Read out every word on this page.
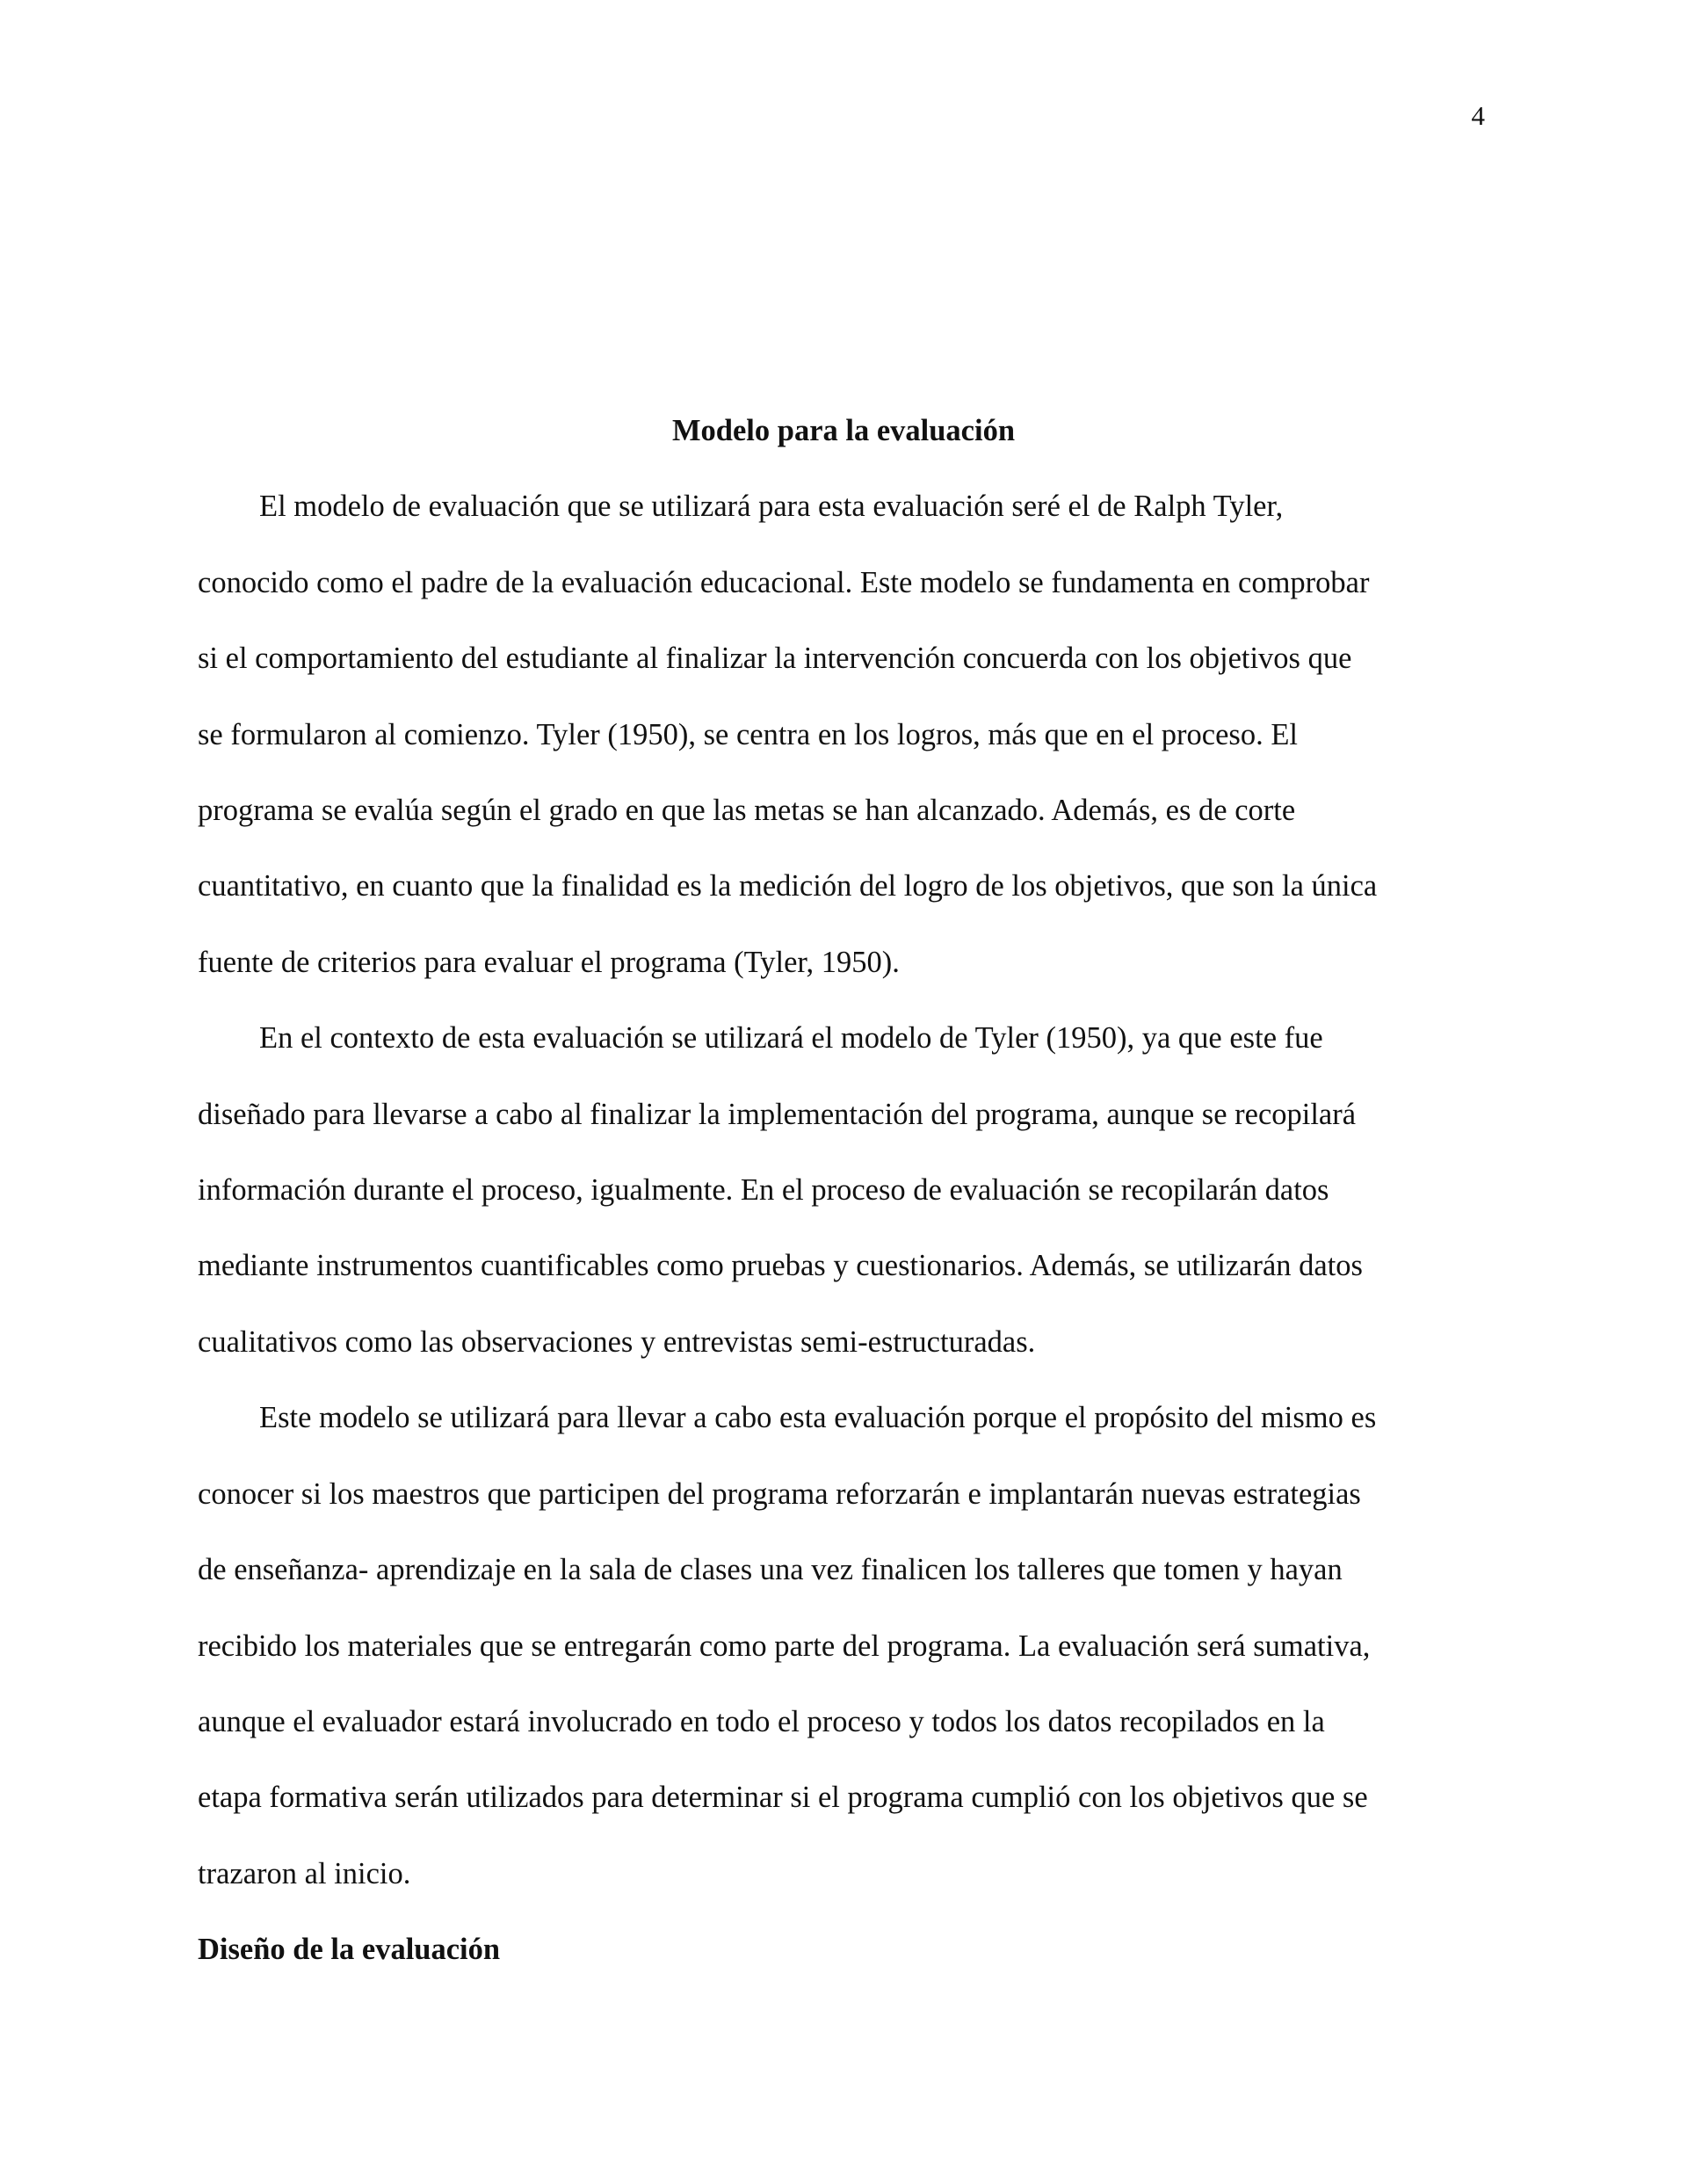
4
Modelo para la evaluación
El modelo de evaluación que se utilizará para esta evaluación seré el de Ralph Tyler,
conocido como el padre de la evaluación educacional. Este modelo se fundamenta en comprobar
si el comportamiento del estudiante al finalizar la intervención concuerda con los objetivos que
se formularon al comienzo. Tyler (1950), se centra en los logros, más que en el proceso. El
programa se evalúa según el grado en que las metas se han alcanzado. Además, es de corte
cuantitativo, en cuanto que la finalidad es la medición del logro de los objetivos, que son la única
fuente de criterios para evaluar el programa (Tyler, 1950).
En el contexto de esta evaluación se utilizará el modelo de Tyler (1950), ya que este fue
diseñado para llevarse a cabo al finalizar la implementación del programa, aunque se recopilará
información durante el proceso, igualmente. En el proceso de evaluación se recopilarán datos
mediante instrumentos cuantificables como pruebas y cuestionarios. Además, se utilizarán datos
cualitativos como las observaciones y entrevistas semi-estructuradas.
Este modelo se utilizará para llevar a cabo esta evaluación porque el propósito del mismo es
conocer si los maestros que participen del programa reforzarán e implantarán nuevas estrategias
de enseñanza- aprendizaje en la sala de clases una vez finalicen los talleres que tomen y hayan
recibido los materiales que se entregarán como parte del programa. La evaluación será sumativa,
aunque el evaluador estará involucrado en todo el proceso y todos los datos recopilados en la
etapa formativa serán utilizados para determinar si el programa cumplió con los objetivos que se
trazaron al inicio.
Diseño de la evaluación
